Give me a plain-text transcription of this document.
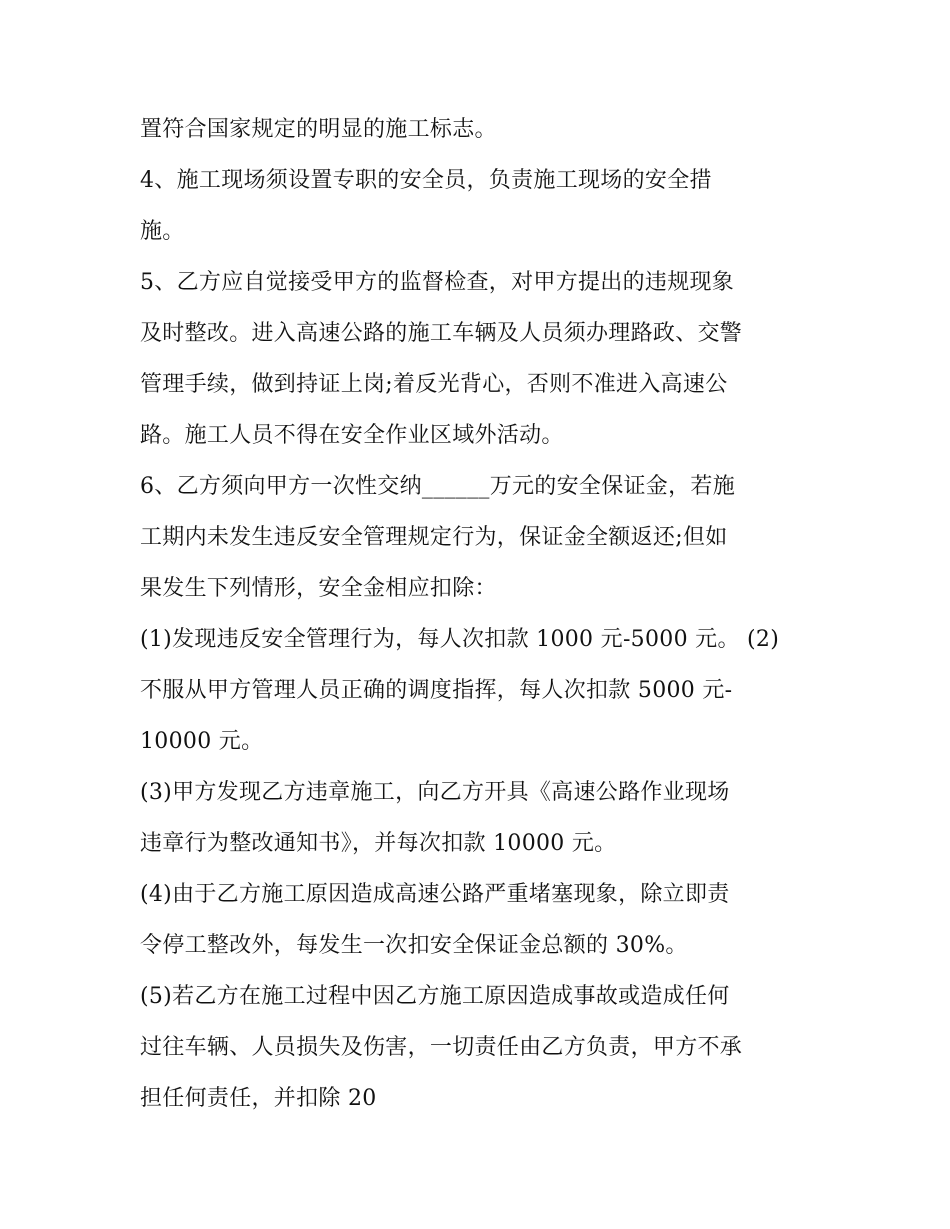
置符合国家规定的明显的施工标志。
4、施工现场须设置专职的安全员，负责施工现场的安全措
施。
5、乙方应自觉接受甲方的监督检查，对甲方提出的违规现象
及时整改。进入高速公路的施工车辆及人员须办理路政、交警
管理手续，做到持证上岗;着反光背心，否则不准进入高速公
路。施工人员不得在安全作业区域外活动。
6、乙方须向甲方一次性交纳______万元的安全保证金，若施
工期内未发生违反安全管理规定行为，保证金全额返还;但如
果发生下列情形，安全金相应扣除：
(1)发现违反安全管理行为，每人次扣款 1000 元-5000 元。 (2)
不服从甲方管理人员正确的调度指挥，每人次扣款 5000 元-
10000 元。
(3)甲方发现乙方违章施工，向乙方开具《高速公路作业现场
违章行为整改通知书》，并每次扣款 10000 元。
(4)由于乙方施工原因造成高速公路严重堵塞现象，除立即责
令停工整改外，每发生一次扣安全保证金总额的 30%。
(5)若乙方在施工过程中因乙方施工原因造成事故或造成任何
过往车辆、人员损失及伤害，一切责任由乙方负责，甲方不承
担任何责任，并扣除 20
